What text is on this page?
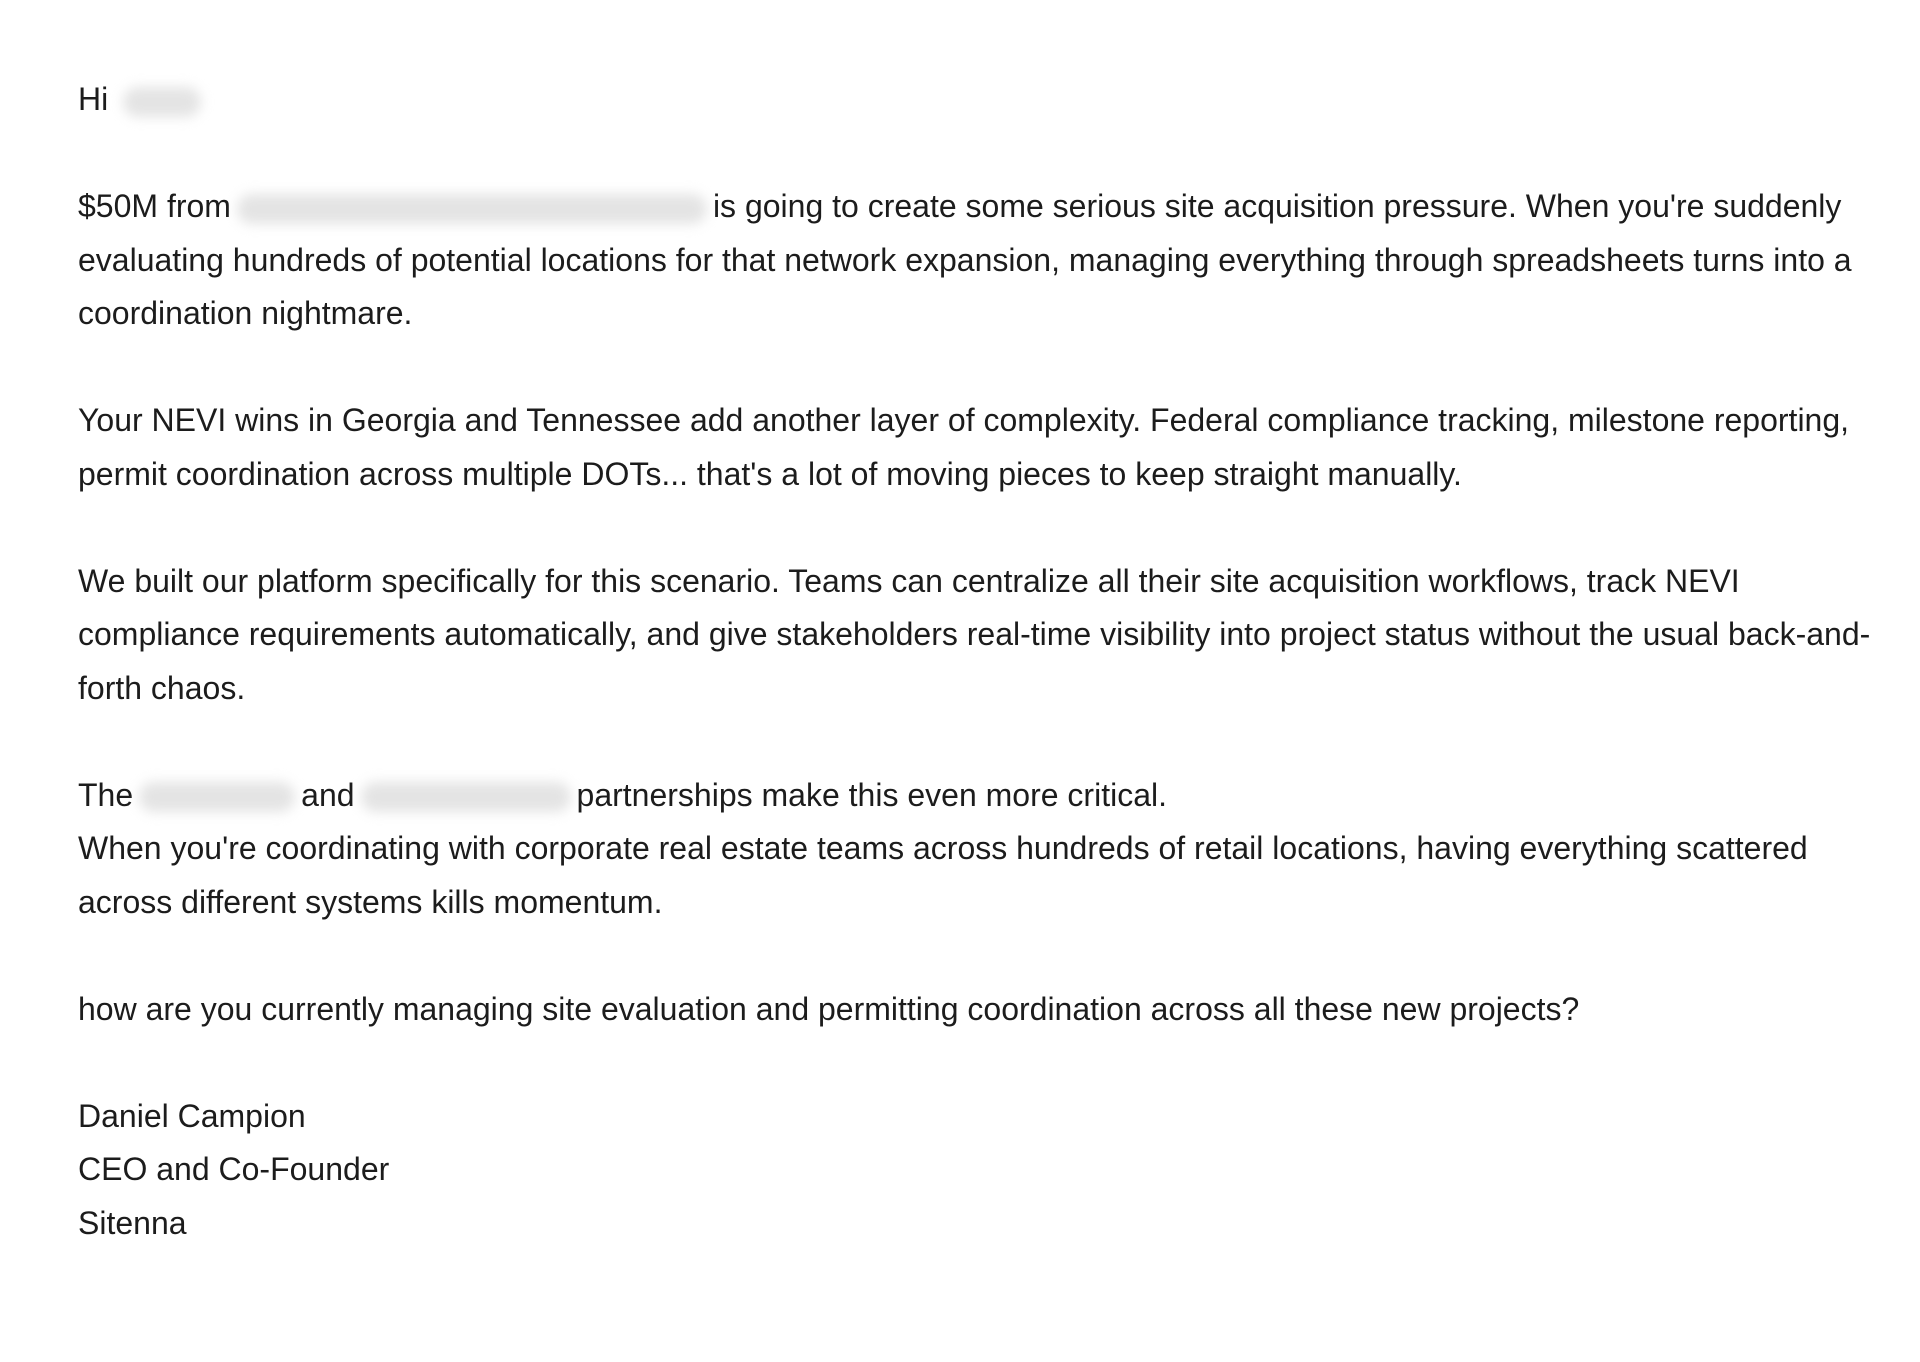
Hi

$50M from	is going to create some serious site acquisition pressure. When you're suddenly evaluating hundreds of potential locations for that network expansion, managing everything through spreadsheets turns into a coordination nightmare.

Your NEVI wins in Georgia and Tennessee add another layer of complexity. Federal compliance tracking, milestone reporting, permit coordination across multiple DOTs... that's a lot of moving pieces to keep straight manually.

We built our platform specifically for this scenario. Teams can centralize all their site acquisition workflows, track NEVI compliance requirements automatically, and give stakeholders real-time visibility into project status without the usual back-and-forth chaos.

The	and	partnerships make this even more critical.
When you're coordinating with corporate real estate teams across hundreds of retail locations, having everything scattered across different systems kills momentum.

how are you currently managing site evaluation and permitting coordination across all these new projects?

Daniel Campion
CEO and Co-Founder
Sitenna
